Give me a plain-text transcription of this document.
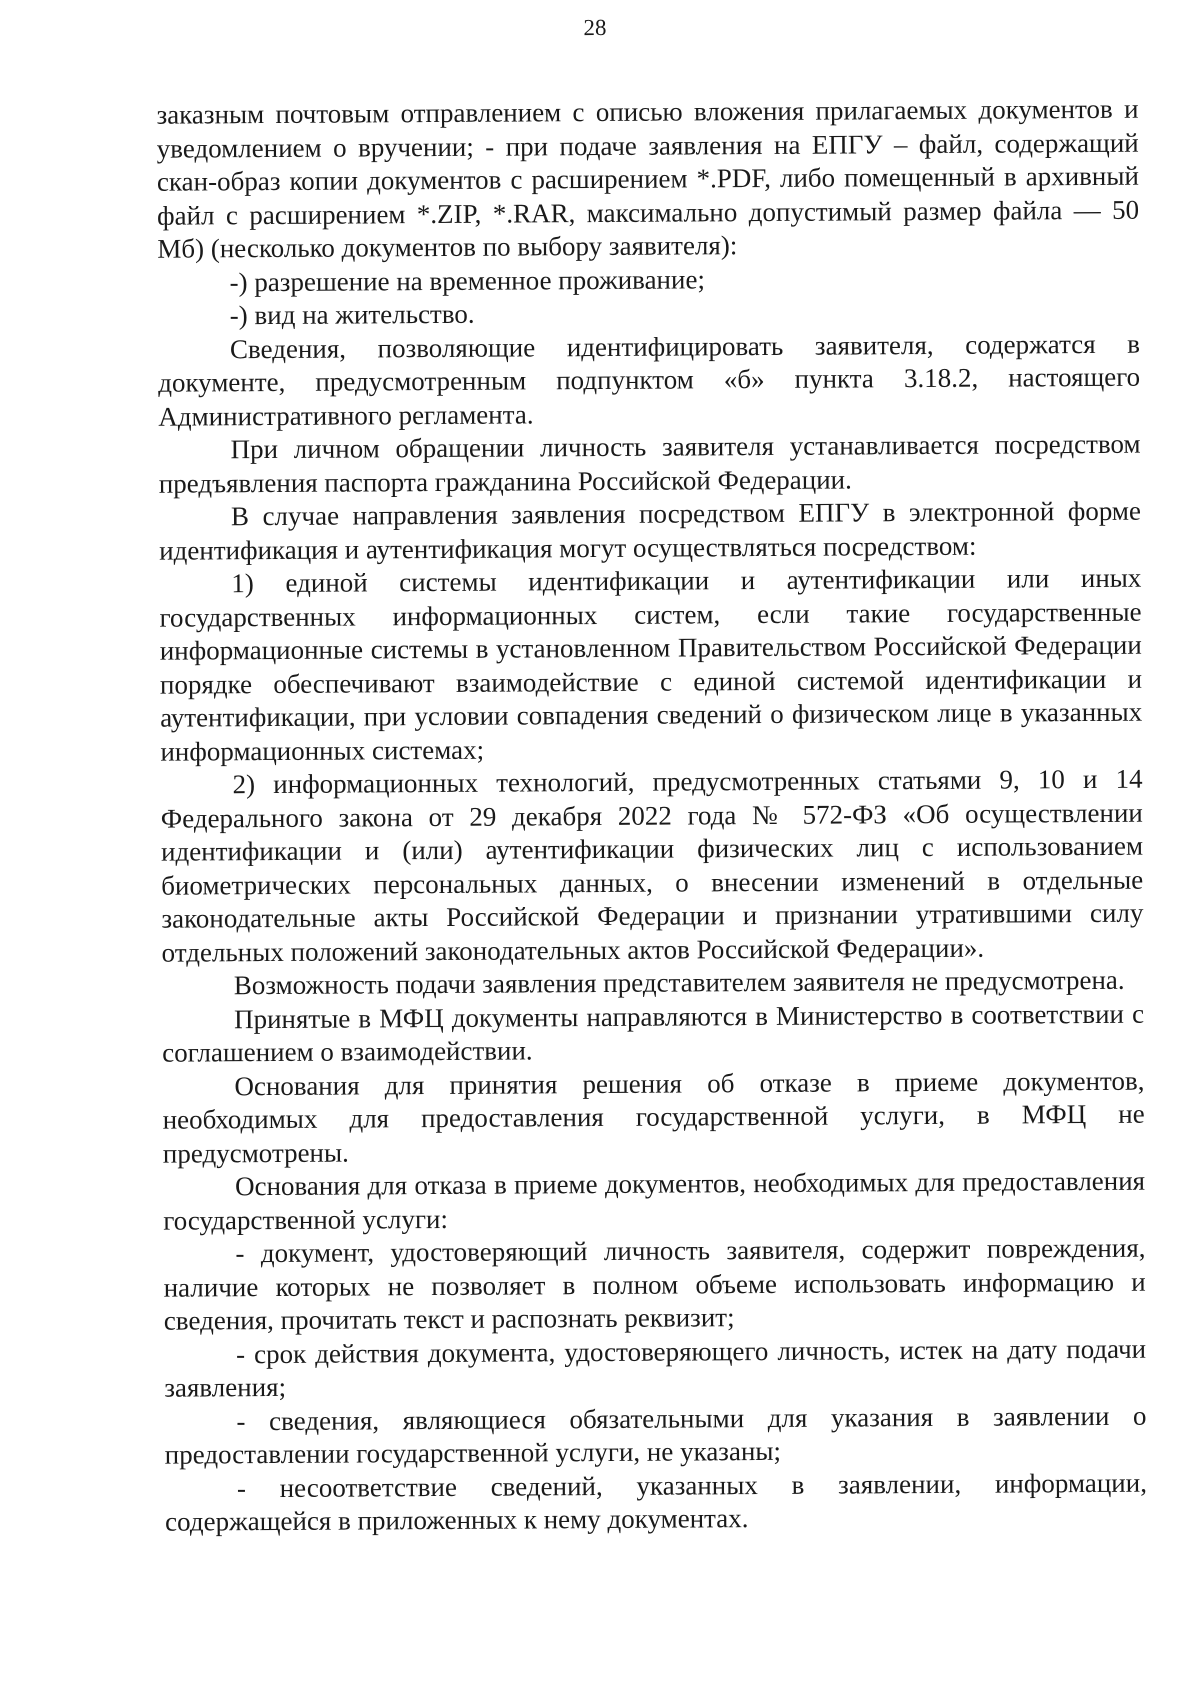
28

заказным почтовым отправлением с описью вложения прилагаемых документов и уведомлением о вручении; - при подаче заявления на ЕПГУ – файл, содержащий скан-образ копии документов с расширением *.PDF, либо помещенный в архивный файл с расширением *.ZIP, *.RAR, максимально допустимый размер файла — 50 Мб) (несколько документов по выбору заявителя):

-) разрешение на временное проживание;

-) вид на жительство.

Сведения, позволяющие идентифицировать заявителя, содержатся в документе, предусмотренным подпунктом «б» пункта 3.18.2, настоящего Административного регламента.

При личном обращении личность заявителя устанавливается посредством предъявления паспорта гражданина Российской Федерации.

В случае направления заявления посредством ЕПГУ в электронной форме идентификация и аутентификация могут осуществляться посредством:

1) единой системы идентификации и аутентификации или иных государственных информационных систем, если такие государственные информационные системы в установленном Правительством Российской Федерации порядке обеспечивают взаимодействие с единой системой идентификации и аутентификации, при условии совпадения сведений о физическом лице в указанных информационных системах;

2) информационных технологий, предусмотренных статьями 9, 10 и 14 Федерального закона от 29 декабря 2022 года № 572-ФЗ «Об осуществлении идентификации и (или) аутентификации физических лиц с использованием биометрических персональных данных, о внесении изменений в отдельные законодательные акты Российской Федерации и признании утратившими силу отдельных положений законодательных актов Российской Федерации».

Возможность подачи заявления представителем заявителя не предусмотрена.

Принятые в МФЦ документы направляются в Министерство в соответствии с соглашением о взаимодействии.

Основания для принятия решения об отказе в приеме документов, необходимых для предоставления государственной услуги, в МФЦ не предусмотрены.

Основания для отказа в приеме документов, необходимых для предоставления государственной услуги:

- документ, удостоверяющий личность заявителя, содержит повреждения, наличие которых не позволяет в полном объеме использовать информацию и сведения, прочитать текст и распознать реквизит;

- срок действия документа, удостоверяющего личность, истек на дату подачи заявления;

- сведения, являющиеся обязательными для указания в заявлении о предоставлении государственной услуги, не указаны;

- несоответствие сведений, указанных в заявлении, информации, содержащейся в приложенных к нему документах.
